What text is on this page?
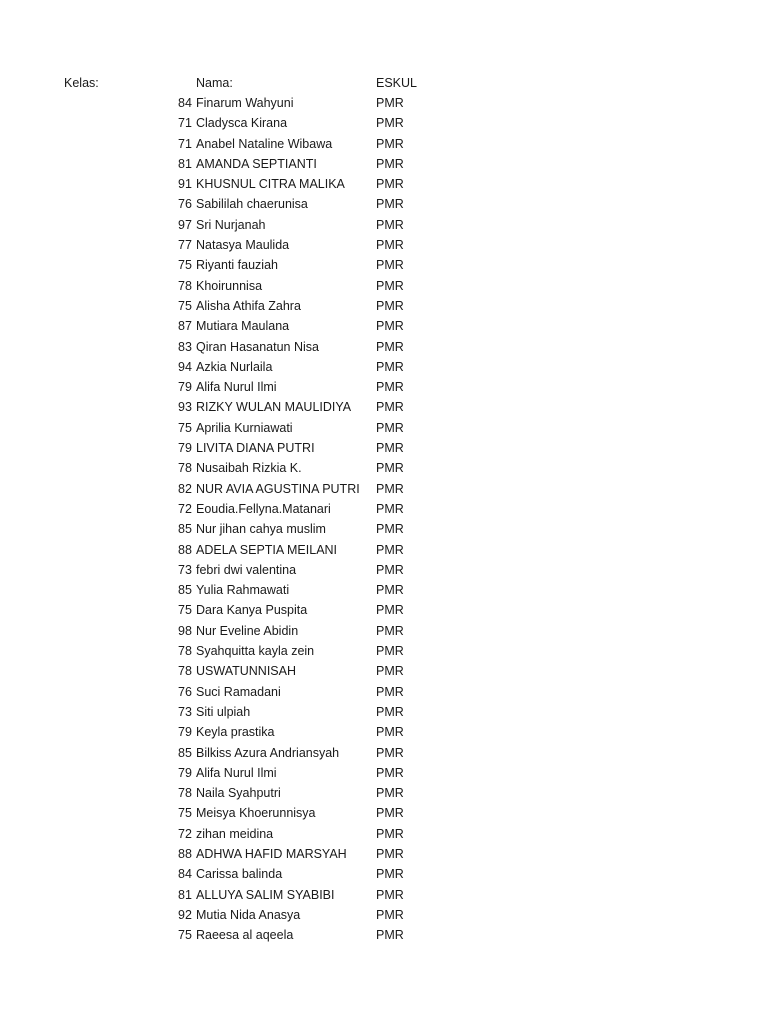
Kelas:	Nama:	ESKUL
84 Finarum Wahyuni	PMR
71 Cladysca Kirana	PMR
71 Anabel Nataline Wibawa	PMR
81 AMANDA SEPTIANTI	PMR
91 KHUSNUL CITRA MALIKA PMR
76 Sabililah chaerunisa	PMR
97 Sri Nurjanah	PMR
77 Natasya Maulida	PMR
75 Riyanti fauziah	PMR
78 Khoirunnisa	PMR
75 Alisha Athifa Zahra	PMR
87 Mutiara Maulana	PMR
83 Qiran Hasanatun Nisa	PMR
94 Azkia Nurlaila	PMR
79 Alifa Nurul Ilmi	PMR
93 RIZKY WULAN MAULIDIYA PMR
75 Aprilia Kurniawati	PMR
79 LIVITA DIANA PUTRI	PMR
78 Nusaibah Rizkia K.	PMR
82 NUR AVIA AGUSTINA PUTRI PMR
72 Eoudia.Fellyna.Matanari	PMR
85 Nur jihan cahya muslim	PMR
88 ADELA SEPTIA MEILANI	PMR
73 febri dwi valentina	PMR
85 Yulia Rahmawati	PMR
75 Dara Kanya Puspita	PMR
98 Nur Eveline Abidin	PMR
78 Syahquitta kayla zein	PMR
78 USWATUNNISAH	PMR
76 Suci Ramadani	PMR
73 Siti ulpiah	PMR
79 Keyla prastika	PMR
85 Bilkiss Azura Andriansyah	PMR
79 Alifa Nurul Ilmi	PMR
78 Naila Syahputri	PMR
75 Meisya Khoerunnisya	PMR
72 zihan meidina	PMR
88 ADHWA HAFID MARSYAH PMR
84 Carissa balinda	PMR
81 ALLUYA SALIM SYABIBI	PMR
92 Mutia Nida Anasya	PMR
75 Raeesa al aqeela	PMR
